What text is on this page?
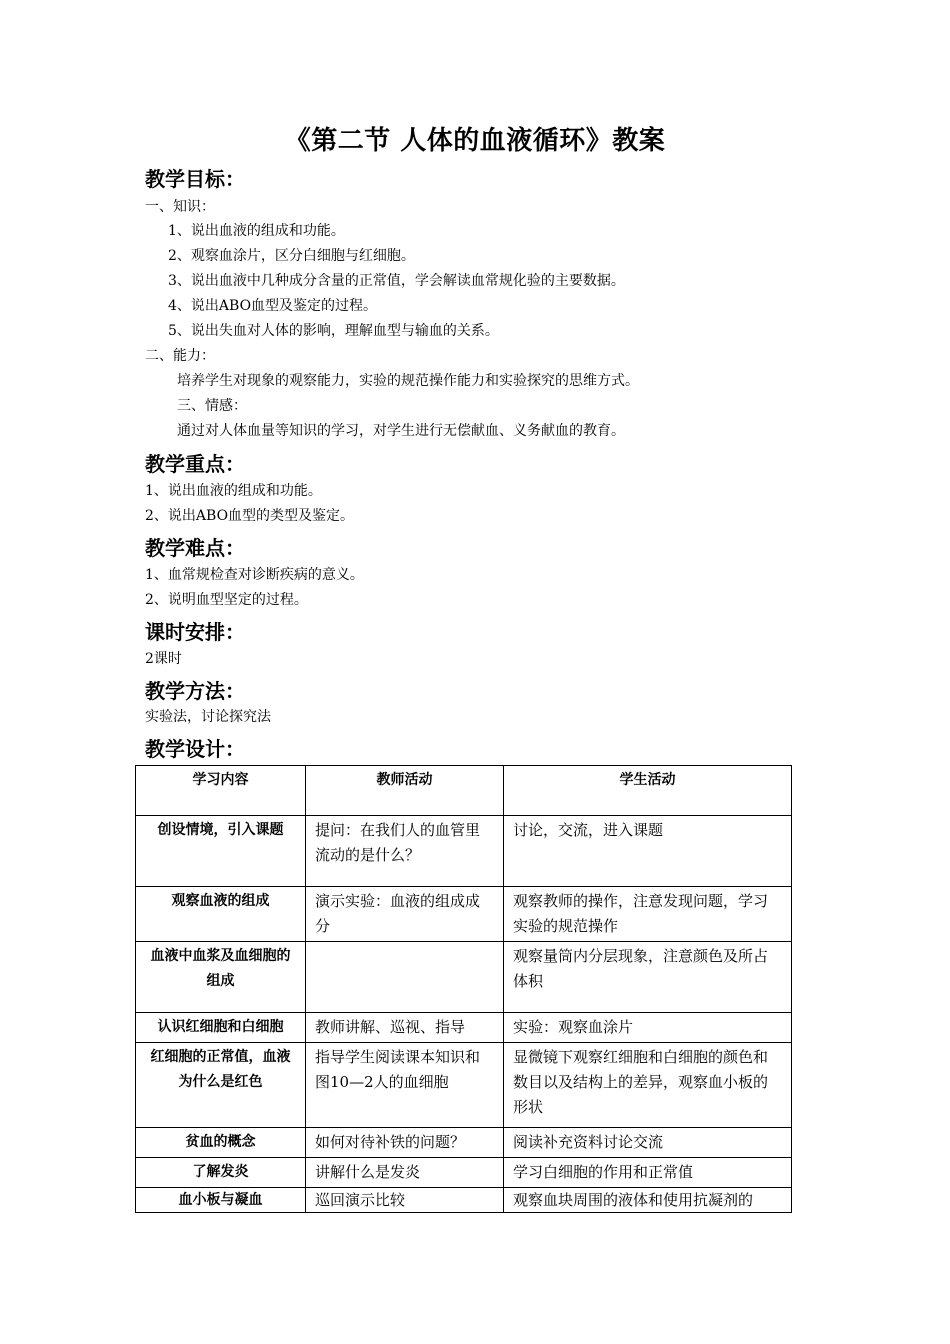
《第二节 人体的血液循环》教案
教学目标：
一、知识：
1、说出血液的组成和功能。
2、观察血涂片，区分白细胞与红细胞。
3、说出血液中几种成分含量的正常值，学会解读血常规化验的主要数据。
4、说出ABO血型及鉴定的过程。
5、说出失血对人体的影响，理解血型与输血的关系。
二、能力：
培养学生对现象的观察能力，实验的规范操作能力和实验探究的思维方式。
三、情感：
通过对人体血量等知识的学习，对学生进行无偿献血、义务献血的教育。
教学重点：
1、说出血液的组成和功能。
2、说出ABO血型的类型及鉴定。
教学难点：
1、血常规检查对诊断疾病的意义。
2、说明血型坚定的过程。
课时安排：
2课时
教学方法：
实验法，讨论探究法
教学设计：
学习内容	教师活动	学生活动
创设情境，引入课题	提问：在我们人的血管里流动的是什么？	讨论，交流，进入课题
观察血液的组成	演示实验：血液的组成成分	观察教师的操作，注意发现问题，学习实验的规范操作
血液中血浆及血细胞的组成		观察量筒内分层现象，注意颜色及所占体积
认识红细胞和白细胞	教师讲解、巡视、指导	实验：观察血涂片
红细胞的正常值，血液为什么是红色	指导学生阅读课本知识和图10—2人的血细胞	显微镜下观察红细胞和白细胞的颜色和数目以及结构上的差异，观察血小板的形状
贫血的概念	如何对待补铁的问题？	阅读补充资料讨论交流
了解发炎	讲解什么是发炎	学习白细胞的作用和正常值
血小板与凝血	巡回演示比较	观察血块周围的液体和使用抗凝剂的
